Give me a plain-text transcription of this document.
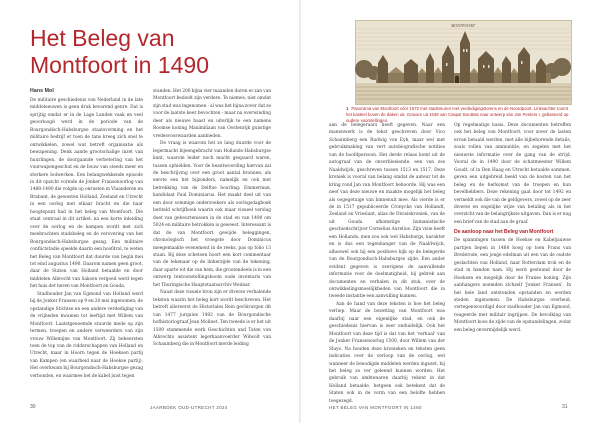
Het Beleg van
Montfoort in 1490
Hans Mol

De militaire geschiedenis van Nederland in de late middeleeuwen is geen druk bevarend genre. Dat is sprijtig omdat er in de Lage Landen vaak en veel geoorloogd werd in de periode van de Bourgondisch-Habsburgse staatsvorming en het militaire bedrijf er toen de tans kreeg zich snel te ontwikkelen, zowel wat betreft organisatie als bewapening. Denk aande grootschalige inzet van huurlingen, de doorgaande verbetering van het vuurwapengeschut en de bouw van steeds meer en sterkere bolwerken. Een belangwekkende episode in dit opzicht vormde de Jonker Fransenoorlog van 1488-1490 die volgde op onrusten in Vlaanderen en Brabant, de gewesten Holland, Zeeland en Utrecht in een oorlog met elkaar bracht en die haar hoogtepunt had in het beleg van Montfoort. Die staat centraal in dit artikel: na een korte inleiding over de oorlog en de kampen wordt met zich meebrachten stadsbeleg en de verovering van het Bourgondisch-Habsburgse gezag. Een militaire conflictstadie speelde daarin een hoofdrol, te weten het Beleg van Montfoort dat duurde van begin mei tot eind augustus 1490. Daarom namen geen groot, daar de Staten van Holland betaalde en door middelen Albrecht van Saksen vergoed werd tegen het huis der heren van Montfoort en Gouda.

Stadhouder Jan van Egmond van Holland werd bij de Jonker Fransen op 9 en 20 mei ingenomen; de opstandige Stichtse en een andere verdediging van de vrijheden kwamen tot leeftijd met Willem van Montfoort. Laatstgenoemde stuurde mede op zijn termen, troepen en andere verweerders van zijn vrouw Willemijne van Montfoort. Zij beheersten toen de top van de ridderschappen van Holland en Utrecht, maar in Hoorn tegen de Hoeksen partij van Kampen (en waarheid naar de Hoekse partij). Het overkwam bij Bourgondisch-Habsburgse gezag verbonden, en waarmee het de kabel juist tegen

standen. Het 200 bijna vier maanden duren er zan van Montfoort bedoelt zijn verdere. Te niemes, niet omdat zijn stad was ingenomen - al was het bijna zover dat ze voor de laatste keer bevochten - maar na overwinding deer als nieuwe haast en uiterlijk te een namens Roomse koning Maximiliaan van Oostenrijk gunstige vredesvoorwaarden aanbieden.

De vraag is waarom het zo lang duurde voor de legermacht bijeengebracht van Hollands-Habsburgse kant, waarom leider noch macht gespaard waren, tussen ophielden. Voor de beantwoording hiervan zal de beschrijving over een groot aantal bronnen, als eerste een het bijzonders, namelijk en ook met betrekking van de Delftse hourling: Emmerman, kandidaat Paul Dominiarus. Het maakt deel uit van een door sommige onderzoekers als oorlogsdagboek betiteld schrijfboek waarin ook maar visueel verslag doet van gebeurtenissen in de stad en van 1490 om 5024 en militaire betrokken is geweest. Interessant is dat de van Montfoort gewijde beleggingen, chronologisch het vroegste door Dominicus meegemaakte evenement in de reeks, pas op folio 13 staan. Bij deze schetsen hoort een kort commentaar van de tekenaar op de linkerzijde van de tekening, daar aparte tot die van hem, die grootendeels is in een ontwerp tentoonstellingsboom oude inventaris van het Thuringische Hauptstaatsarchiv Weimar.

Naast deze visuele bron zijn er diverse verhalende teksten waarin het beleg kort wordt beschreven. Het betreft allereerst de Historiales Rein gechirurgen dit van 1477 jurquiex 1492 van de Bourgondische hofhistoriograaf Jean Molinet. Ten tweede is er het uit 1509 stammende werk Geschichten und Taten von Albrechts assistent legerkaanvoerder Wilwolt van Schaumberg die in Montfoort merde leiding

30	JAARBOEK OUD-UTRECHT 2024
MONTFOORT
1 Panorama van Montfoort vóór 1672 met stadsmuren met verdedigingstorens en de Noordpoort. Linksachter toornt het kasteel boven de daken uit. Gravure uit 1639 van Caspar Bouttats naar ontwerp van Jan Peeters I, gebaseerd op oudere voorstellingen.

aan de belegeraars heeft gegeven. Naar een manenwerk is de tekst geschreven door Vico Schaumberg een Rudwig von Eyb, maar wel met gebruikmaking van vert autobiografische notities van de hoofdpersoon. Het derde relaas komt uit de autograaf van de onverbloeiende, een van zes Naaldwijck, geschreven tussen 1513 en 1517. Deze kroniek is vooral van belang omdat de auteur tot de kring rond Jan van Montfoort behoorde. Hij was een neef van deze nieuwe en maakte mogelijk het beleg als oogegetuige van binnenuit mee. Als vierde is er de in 1517 gepubliceerde Cronycke van Hollandt, Zeeland en Vrieslant, alias de Divisiekroniek, van de uit Gouda afkomstige humanistische geschiedschrijver Cornelius Aurelius. Zijn visie heeft een Hollands, men zou ook wel Habsburgs, karakter en is dus een tegenhanger van de Naaldwijck, alhoewel ook hij een positieve kijk op de belegerde van de Bourgondisch-Habsburgse zijde. Een ander evident gegeven is overigens de aanvullende informatie voor de doelmatigheid, bij gebrek aan documenten en verhalen in dit stuk, over de ontwikkelingsmoeilijkheden van Montfoort die in tweede instantie een aanvulling kunnen.

Aan de hand van deze teksten is hoe het beleg verliep. Maar de bezetting van Montfoort was daarbij naar een eigenlijke stad, en ook de geschiedenis hiervan is zeer onduidelijk. Ook het Montfoort van deze tijd is dat van het 'verhaal' van de Jonker Fransenoorlog 1500, door Willem van der Sluys. Na houden deze kronieken en teksten geen indicaties over de verloop van de oorlog, wel wanneer de benodigde middelen werden ingezet, bij het beleg zo ver geleend kunnen worden. Het gebruik van ambtenaren daarbij rekent in dat Holland betaalde, hetgeen ook betekent dat de Staten ook in de vorm van een belofte hebben toegezegd.

Op regelmatige basis. Deze documenten betreffen ook het beleg van Montfoort, voor zover de lasten ervan betaald werden, met alle bijbehorende details, zoals rollen van ammunitie, en zegelen met het nieuwste informatie over de gang van de strijd. Vooral de in 1490 door de schatmeester Willem Goudt, of in Den Haag en Utrecht betaalde sommen, geven een uitgebreid beeld van de kosten van het beleg en de herkomst van de troepen en hun bevelhebbers. Deze rekening gaat door tot 1492 en vermeldt ook die van de geldgevers, zowel op de zeer diverse en ongelijke wijze van betaling als in het overzicht van de belangrijkste uitgaven. Dan is er nog een brief van de stad aan de graaf.

De aanloop naar het Beleg van Montfoort

De spanningen tussen de Hoekse en Kabeljauwse partijen liepen in 1488 hoog op toen Frans van Brederode, een jonge edelman uit een van de oudste geslachten van Holland, naar Rotterdam trok en de stad in handen nam. Hij werd gesteund door de Hoeksen en mogelijk door de Franse koning. Zijn aanhangers noemden zichzelf 'Jonker Fransen'. In het hele land ontstonden opstanden en werden steden ingenomen. De Habsburgse overheid, vertegenwoordigd door stadhouder Jan van Egmond, reageerde met militair ingrijpen. De bevolking van Montfoort koos de zijde van de opstandelingen, zodat een beleg onvermijdelijk werd.

HET BELEG VAN MONTFOORT IN 1490	31
